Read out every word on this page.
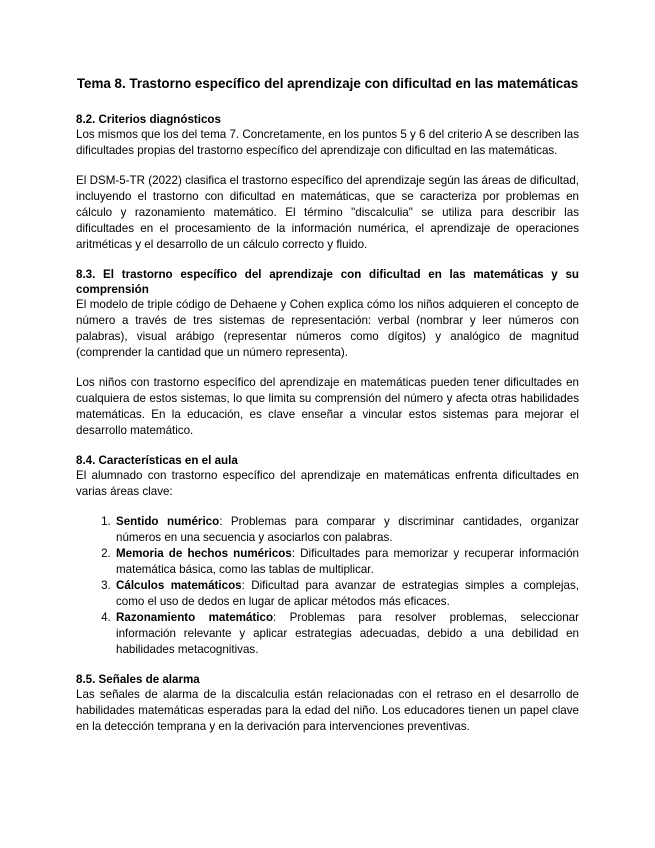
Tema 8. Trastorno específico del aprendizaje con dificultad en las matemáticas
8.2. Criterios diagnósticos

Los mismos que los del tema 7. Concretamente, en los puntos 5 y 6 del criterio A se describen las dificultades propias del trastorno específico del aprendizaje con dificultad en las matemáticas.

El DSM-5-TR (2022) clasifica el trastorno específico del aprendizaje según las áreas de dificultad, incluyendo el trastorno con dificultad en matemáticas, que se caracteriza por problemas en cálculo y razonamiento matemático. El término "discalculia" se utiliza para describir las dificultades en el procesamiento de la información numérica, el aprendizaje de operaciones aritméticas y el desarrollo de un cálculo correcto y fluido.

8.3. El trastorno específico del aprendizaje con dificultad en las matemáticas y su comprensión

El modelo de triple código de Dehaene y Cohen explica cómo los niños adquieren el concepto de número a través de tres sistemas de representación: verbal (nombrar y leer números con palabras), visual arábigo (representar números como dígitos) y analógico de magnitud (comprender la cantidad que un número representa).

Los niños con trastorno específico del aprendizaje en matemáticas pueden tener dificultades en cualquiera de estos sistemas, lo que limita su comprensión del número y afecta otras habilidades matemáticas. En la educación, es clave enseñar a vincular estos sistemas para mejorar el desarrollo matemático.

8.4. Características en el aula

El alumnado con trastorno específico del aprendizaje en matemáticas enfrenta dificultades en varias áreas clave:

1. Sentido numérico: Problemas para comparar y discriminar cantidades, organizar números en una secuencia y asociarlos con palabras.
2. Memoria de hechos numéricos: Dificultades para memorizar y recuperar información matemática básica, como las tablas de multiplicar.
3. Cálculos matemáticos: Dificultad para avanzar de estrategias simples a complejas, como el uso de dedos en lugar de aplicar métodos más eficaces.
4. Razonamiento matemático: Problemas para resolver problemas, seleccionar información relevante y aplicar estrategias adecuadas, debido a una debilidad en habilidades metacognitivas.
8.5. Señales de alarma

Las señales de alarma de la discalculia están relacionadas con el retraso en el desarrollo de habilidades matemáticas esperadas para la edad del niño. Los educadores tienen un papel clave en la detección temprana y en la derivación para intervenciones preventivas.
